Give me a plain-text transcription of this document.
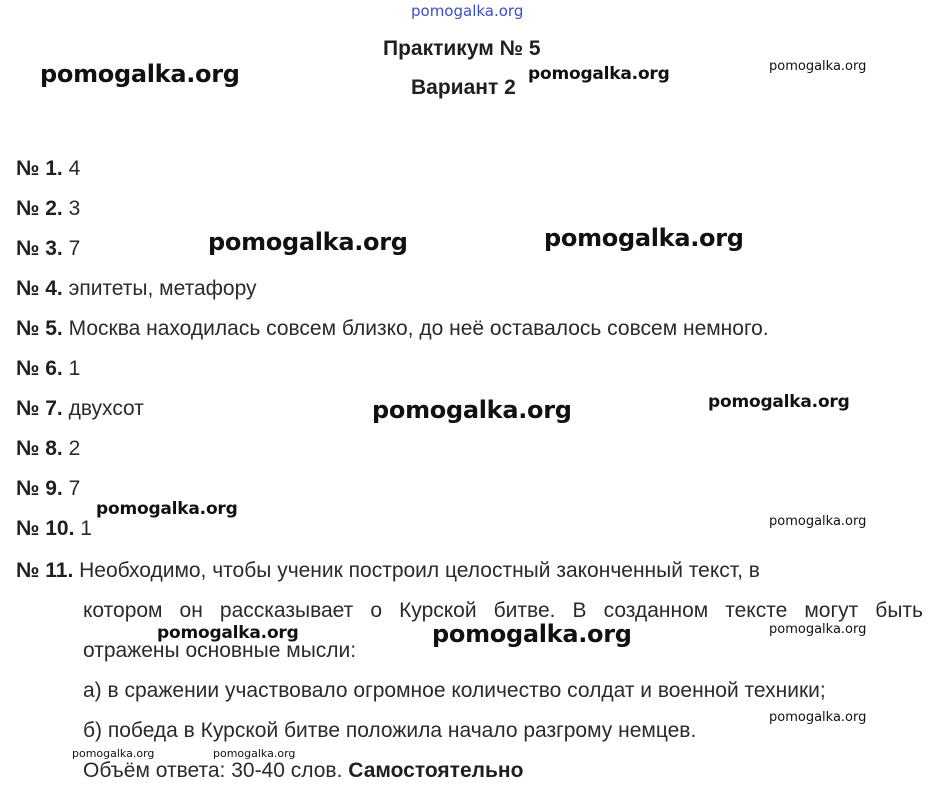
Практикум № 5
Вариант 2
№ 1. 4
№ 2. 3
№ 3. 7
№ 4. эпитеты, метафору
№ 5. Москва находилась совсем близко, до неё оставалось совсем немного.
№ 6. 1
№ 7. двухсот
№ 8. 2
№ 9. 7
№ 10. 1
№ 11. Необходимо, чтобы ученик построил целостный законченный текст, в
котором он рассказывает о Курской битве. В созданном тексте могут быть
отражены основные мысли:
а) в сражении участвовало огромное количество солдат и военной техники;
б) победа в Курской битве положила начало разгрому немцев.
Объём ответа: 30-40 слов. Самостоятельно
pomogalka.org
pomogalka.org	pomogalka.org	pomogalka.org
pomogalka.org	pomogalka.org
pomogalka.org	pomogalka.org
pomogalka.org
pomogalka.org
pomogalka.org	pomogalka.org	pomogalka.org
pomogalka.org
pomogalka.org	pomogalka.org
